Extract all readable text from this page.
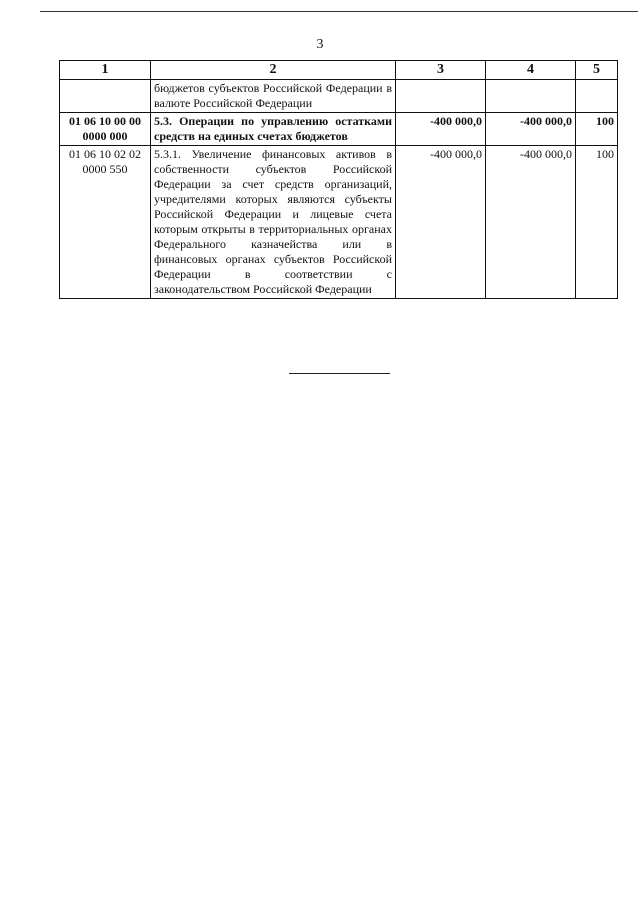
3
1	2	3	4	5
	бюджетов субъектов Российской Федерации в валюте Российской Федерации			
01 06 10 00 00 0000 000	5.3. Операции по управлению остатками средств на единых счетах бюджетов	-400 000,0	-400 000,0	100
01 06 10 02 02 0000 550	5.3.1. Увеличение финансовых активов в собственности субъектов Российской Федерации за счет средств организаций, учредителями которых являются субъекты Российской Федерации и лицевые счета которым открыты в территориальных органах Федерального казначейства или в финансовых органах субъектов Российской Федерации в соответствии с законодательством Российской Федерации	-400 000,0	-400 000,0	100
